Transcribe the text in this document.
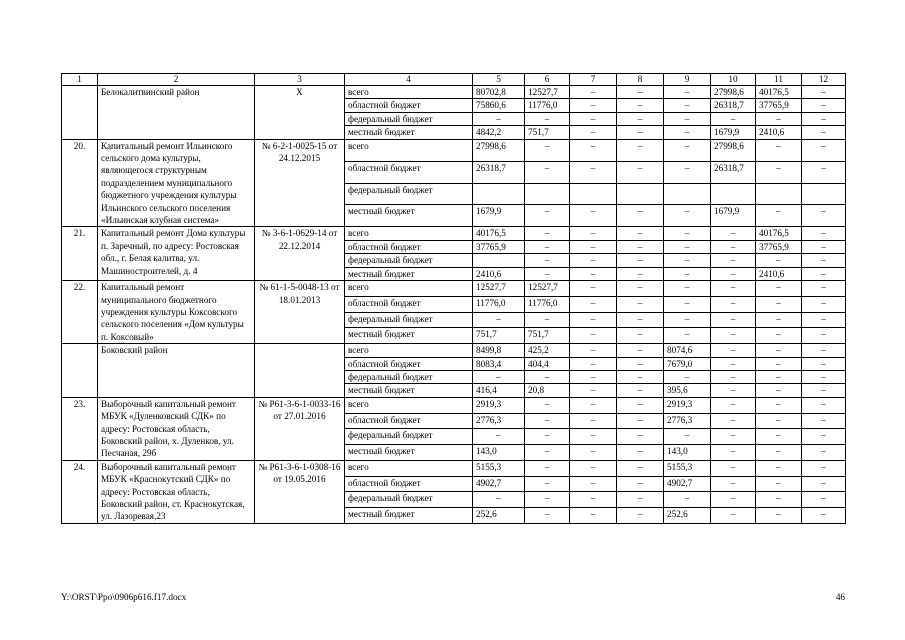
1	2	3	4	5	6	7	8	9	10	11	12
	Белокалитвинский район	Х	всего	80702,8	12527,7	–	–	–	27998,6	40176,5	–
			областной бюджет	75860,6	11776,0	–	–	–	26318,7	37765,9	–
			федеральный бюджет	–	–	–	–	–	–	–	–
			местный бюджет	4842,2	751,7	–	–	–	1679,9	2410,6	–
20.	Капитальный ремонт Ильинского сельского дома культуры, являющегося структурным подразделением муниципального бюджетного учреждения культуры Ильинского сельского поселения «Ильинская клубная система»	№ 6-2-1-0025-15 от 24.12.2015	всего	27998,6	–	–	–	–	27998,6	–	–
			областной бюджет	26318,7	–	–	–	–	26318,7	–	–
			федеральный бюджет								
			местный бюджет	1679,9	–	–	–	–	1679,9	–	–
21.	Капитальный ремонт Дома культуры п. Заречный, по адресу: Ростовская обл., г. Белая калитва, ул. Машиностроителей, д. 4	№ 3-6-1-0629-14 от 22.12.2014	всего	40176,5	–	–	–	–	–	40176,5	–
			областной бюджет	37765,9	–	–	–	–	–	37765,9	–
			федеральный бюджет		–	–	–	–	–	–	–
			местный бюджет	2410,6	–	–	–	–	–	2410,6	–
22.	Капитальный ремонт муниципального бюджетного учреждения культуры Коксовского сельского поселения «Дом культуры п. Коксовый»	№ 61-1-5-0048-13 от 18.01.2013	всего	12527,7	12527,7	–	–	–	–	–	–
			областной бюджет	11776,0	11776,0	–	–	–	–	–	–
			федеральный бюджет	–	–	–	–	–	–	–	–
			местный бюджет	751,7	751,7	–	–	–	–	–	–
	Боковский район		всего	8499,8	425,2	–	–	8074,6	–	–	–
			областной бюджет	8083,4	404,4	–	–	7679,0	–	–	–
			федеральный бюджет	–	–	–	–	–	–	–	–
			местный бюджет	416,4	20,8	–	–	395,6	–	–	–
23.	Выборочный капитальный ремонт МБУК «Дуленковский СДК» по адресу: Ростовская область, Боковский район, х. Дуленков, ул. Песчаная, 29б	№ Р61-3-6-1-0033-16 от 27.01.2016	всего	2919,3	–	–	–	2919,3	–	–	–
			областной бюджет	2776,3	–	–	–	2776,3	–	–	–
			федеральный бюджет	–	–	–	–	–	–	–	–
			местный бюджет	143,0	–	–	–	143,0	–	–	–
24.	Выборочный капитальный ремонт МБУК «Краснокутский СДК» по адресу: Ростовская область, Боковский район, ст. Краснокутская, ул. Лазоревая,23	№ Р61-3-6-1-0308-16 от 19.05.2016	всего	5155,3	–	–	–	5155,3	–	–	–
			областной бюджет	4902,7	–	–	–	4902,7	–	–	–
			федеральный бюджет	–	–	–	–	–	–	–	–
			местный бюджет	252,6	–	–	–	252,6	–	–	–
Y:\ORST\Ppo\0906p616.f17.docx	46
